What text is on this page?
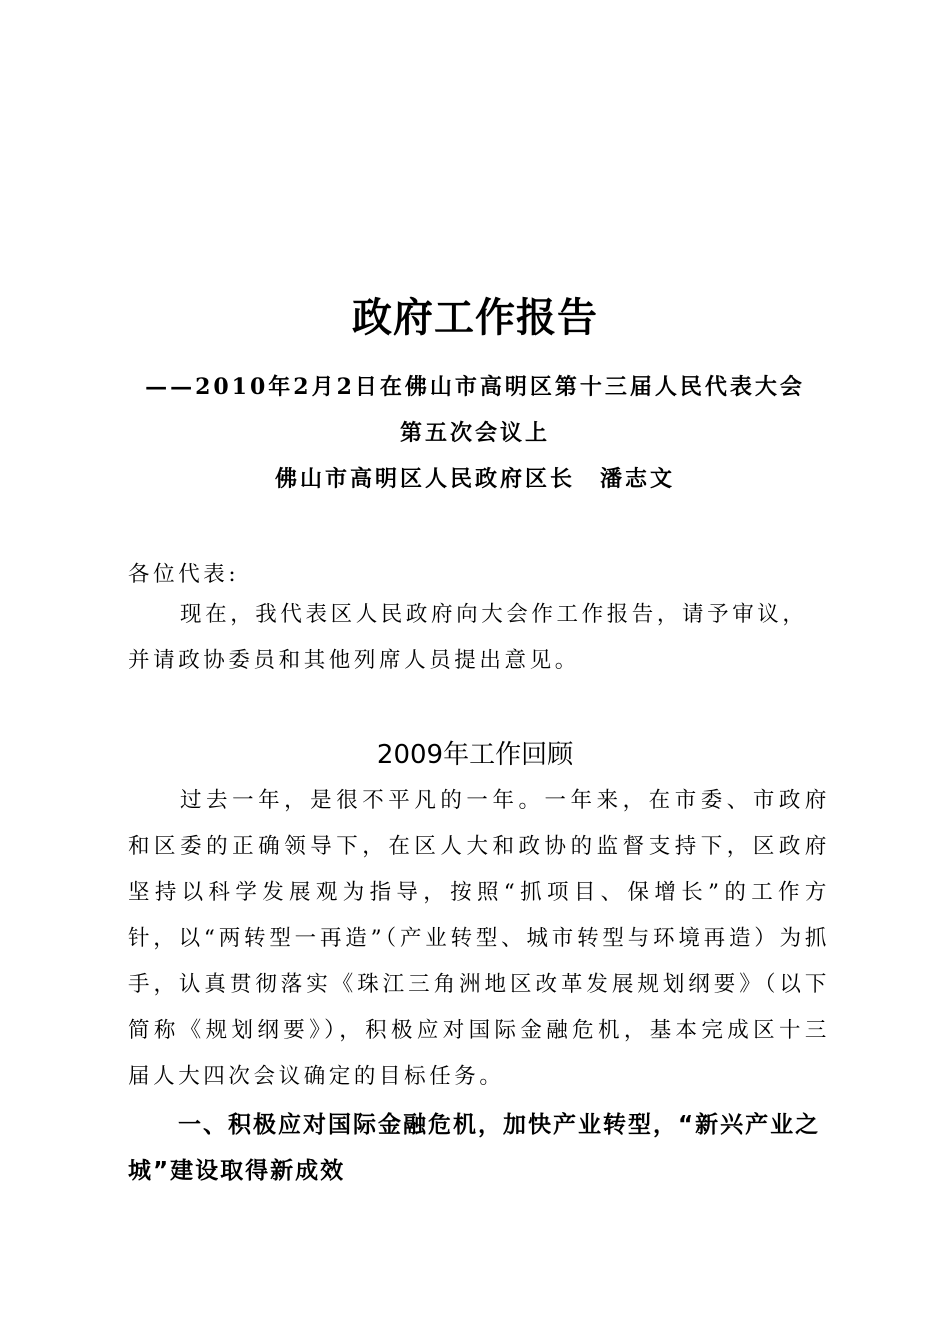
政府工作报告
——2010年2月2日在佛山市高明区第十三届人民代表大会
第五次会议上
佛山市高明区人民政府区长　潘志文
各位代表:
现在，我代表区人民政府向大会作工作报告，请予审议，并请政协委员和其他列席人员提出意见。
2009年工作回顾
过去一年，是很不平凡的一年。一年来，在市委、市政府和区委的正确领导下，在区人大和政协的监督支持下，区政府坚持以科学发展观为指导，按照“抓项目、保增长”的工作方针，以“两转型一再造”（产业转型、城市转型与环境再造）为抓手，认真贯彻落实《珠江三角洲地区改革发展规划纲要》（以下简称《规划纲要》），积极应对国际金融危机，基本完成区十三届人大四次会议确定的目标任务。
一、积极应对国际金融危机，加快产业转型，“新兴产业之城”建设取得新成效
